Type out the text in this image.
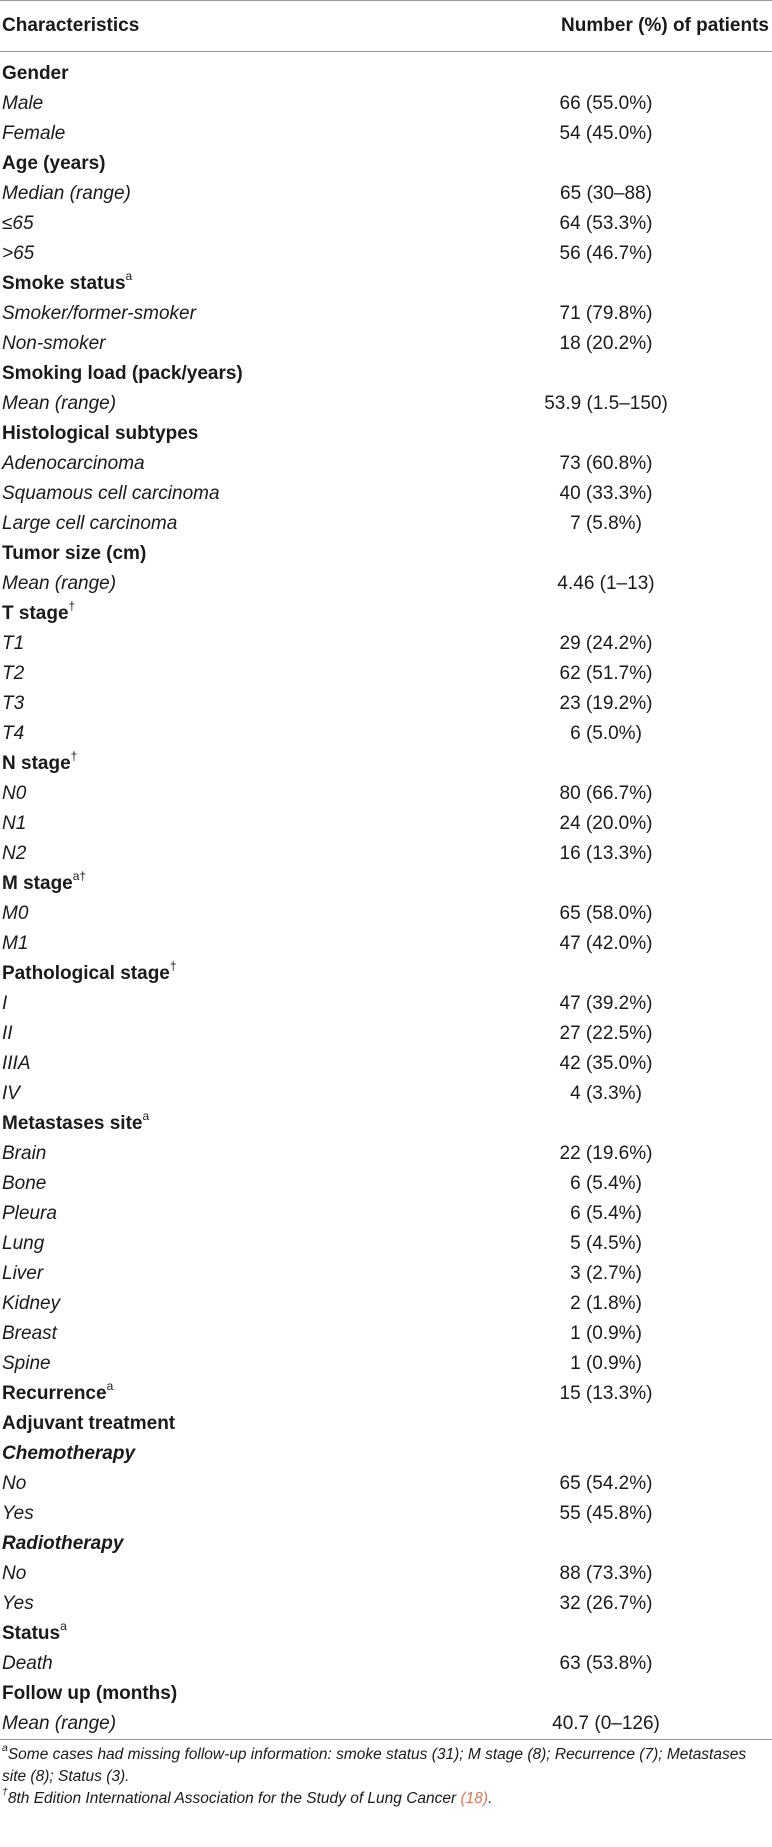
Characteristics	Number (%) of patients
Gender
Male	66 (55.0%)
Female	54 (45.0%)
Age (years)
Median (range)	65 (30–88)
≤65	64 (53.3%)
>65	56 (46.7%)
Smoke status$^a$
Smoker/former-smoker	71 (79.8%)
Non-smoker	18 (20.2%)
Smoking load (pack/years)
Mean (range)	53.9 (1.5–150)
Histological subtypes
Adenocarcinoma	73 (60.8%)
Squamous cell carcinoma	40 (33.3%)
Large cell carcinoma	7 (5.8%)
Tumor size (cm)
Mean (range)	4.46 (1–13)
T stage†
T1	29 (24.2%)
T2	62 (51.7%)
T3	23 (19.2%)
T4	6 (5.0%)
N stage†
N0	80 (66.7%)
N1	24 (20.0%)
N2	16 (13.3%)
M stage$^{a\dagger}$
M0	65 (58.0%)
M1	47 (42.0%)
Pathological stage†
I	47 (39.2%)
II	27 (22.5%)
IIIA	42 (35.0%)
IV	4 (3.3%)
Metastases site$^a$
Brain	22 (19.6%)
Bone	6 (5.4%)
Pleura	6 (5.4%)
Lung	5 (4.5%)
Liver	3 (2.7%)
Kidney	2 (1.8%)
Breast	1 (0.9%)
Spine	1 (0.9%)
Recurrence$^a$	15 (13.3%)
Adjuvant treatment
Chemotherapy
No	65 (54.2%)
Yes	55 (45.8%)
Radiotherapy
No	88 (73.3%)
Yes	32 (26.7%)
Status$^a$
Death	63 (53.8%)
Follow up (months)
Mean (range)	40.7 (0–126)

$^a$Some cases had missing follow-up information: smoke status (31); M stage (8); Recurrence (7); Metastases site (8); Status (3).

†8th Edition International Association for the Study of Lung Cancer (18).
